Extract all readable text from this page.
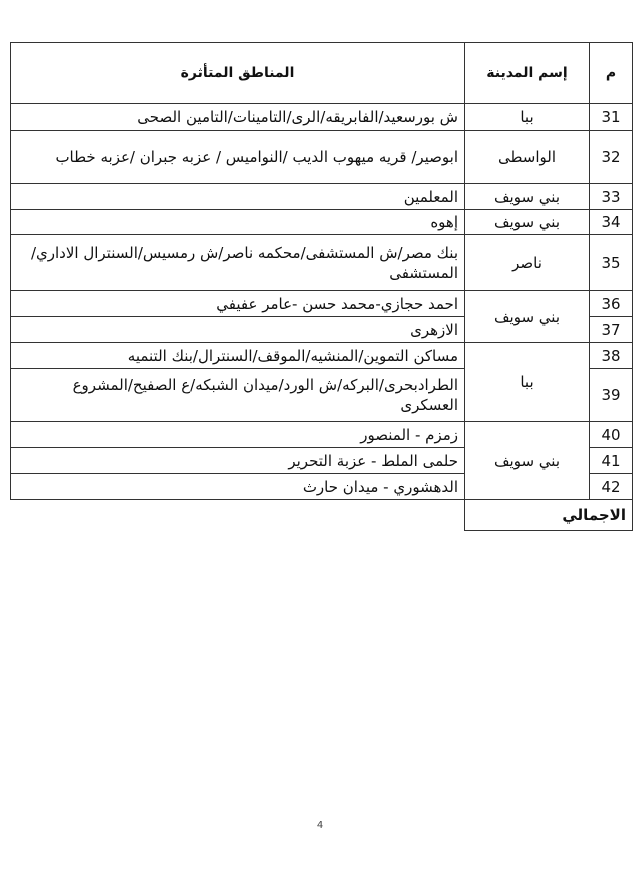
م	إسم المدينة	المناطق المتأثرة
31	ببا	ش بورسعيد/الفابريقه/الرى/التامينات/التامين الصحى
32	الواسطى	ابوصير/ قريه ميهوب الديب /النواميس / عزبه جبران /عزبه خطاب
33	بني سويف	المعلمين
34	بني سويف	إهوه
35	ناصر	بنك مصر/ش المستشفى/محكمه ناصر/ش رمسيس/السنترال الاداري/المستشفى
36	بني سويف	احمد حجازي-محمد حسن -عامر عفيفي
37		الازهرى
38	ببا	مساكن التموين/المنشيه/الموقف/السنترال/بنك التنميه
39		الطرادبحرى/البركه/ش الورد/ميدان الشبكه/ع الصفيح/المشروع العسكرى
40	بني سويف	زمزم - المنصور
41		حلمى الملط - عزبة التحرير
42		الدهشوري - ميدان حارث
الاجمالي		
4
